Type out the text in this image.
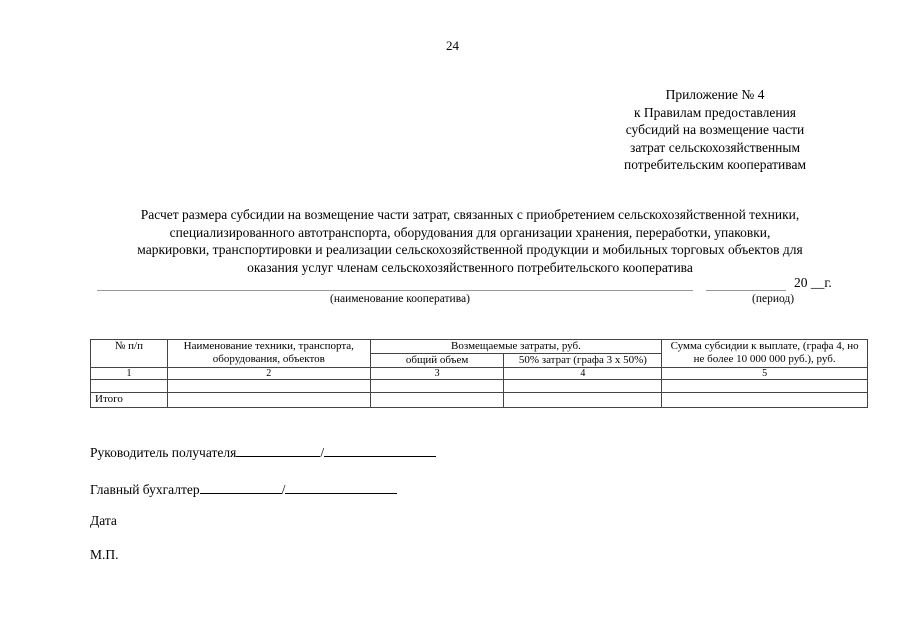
24
Приложение № 4
к Правилам предоставления
субсидий на возмещение части
затрат сельскохозяйственным
потребительским кооперативам
Расчет размера субсидии на возмещение части затрат, связанных с приобретением сельскохозяйственной техники,
специализированного автотранспорта, оборудования для организации хранения, переработки, упаковки,
маркировки, транспортировки и реализации сельскохозяйственной продукции и мобильных торговых объектов для
оказания услуг членам сельскохозяйственного потребительского кооператива
20 __г.
(наименование кооператива)	(период)
№ п/п	Наименование техники, транспорта, оборудования, объектов	Возмещаемые затраты, руб.		Сумма субсидии к выплате, (графа 4, но не более 10 000 000 руб.), руб.
		общий объем	50% затрат (графа 3 х 50%)	
1	2	3	4	5

Итого				
Руководитель получателя	/
Главный бухгалтер	/
Дата
М.П.
